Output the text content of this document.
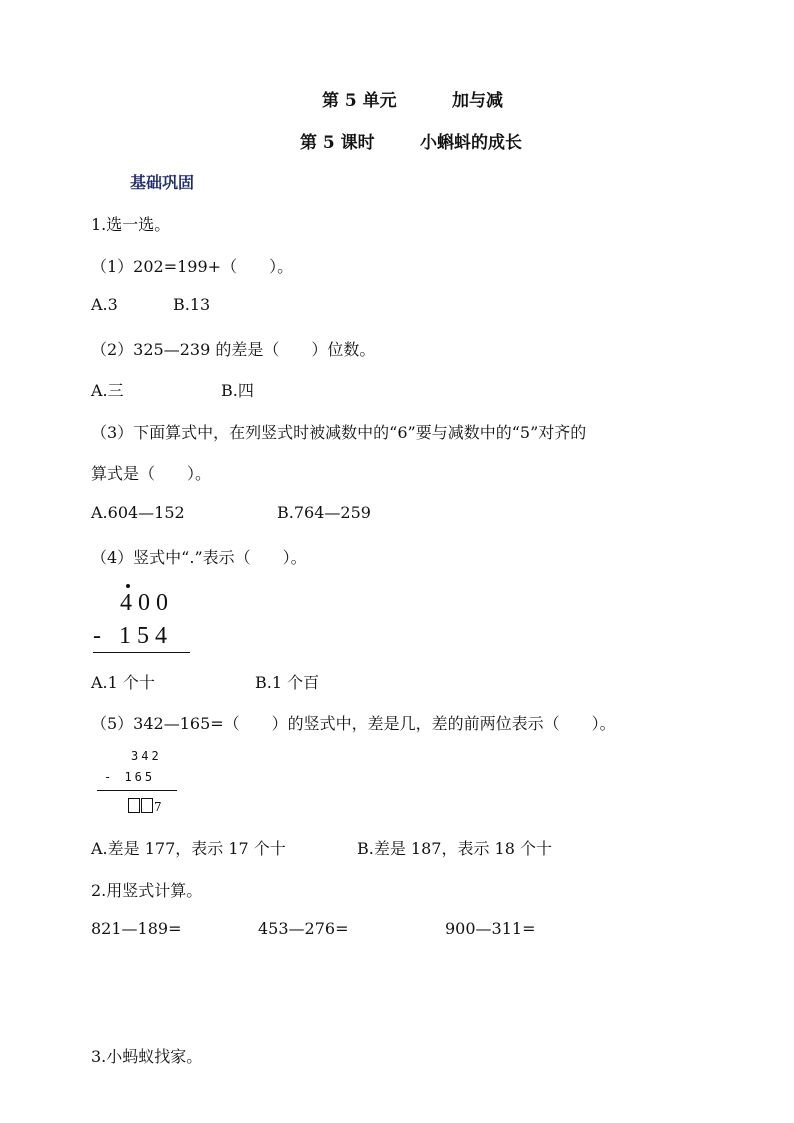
第 5 单元	加与减
第 5 课时	小蝌蚪的成长
基础巩固
1.选一选。
（1）202=199+（　　）。
A.3	B.13
（2）325—239 的差是（　　）位数。
A.三	B.四
（3）下面算式中，在列竖式时被减数中的“6”要与减数中的“5”对齐的
算式是（　　）。
A.604—152	B.764—259
（4）竖式中“.”表示（　　）。
400
- 154
A.1 个十	B.1 个百
（5）342—165=（　　）的竖式中，差是几，差的前两位表示（　　）。
342
- 165
7
A.差是 177，表示 17 个十	B.差是 187，表示 18 个十
2.用竖式计算。
821—189=	453—276=	900—311=
3.小蚂蚁找家。
